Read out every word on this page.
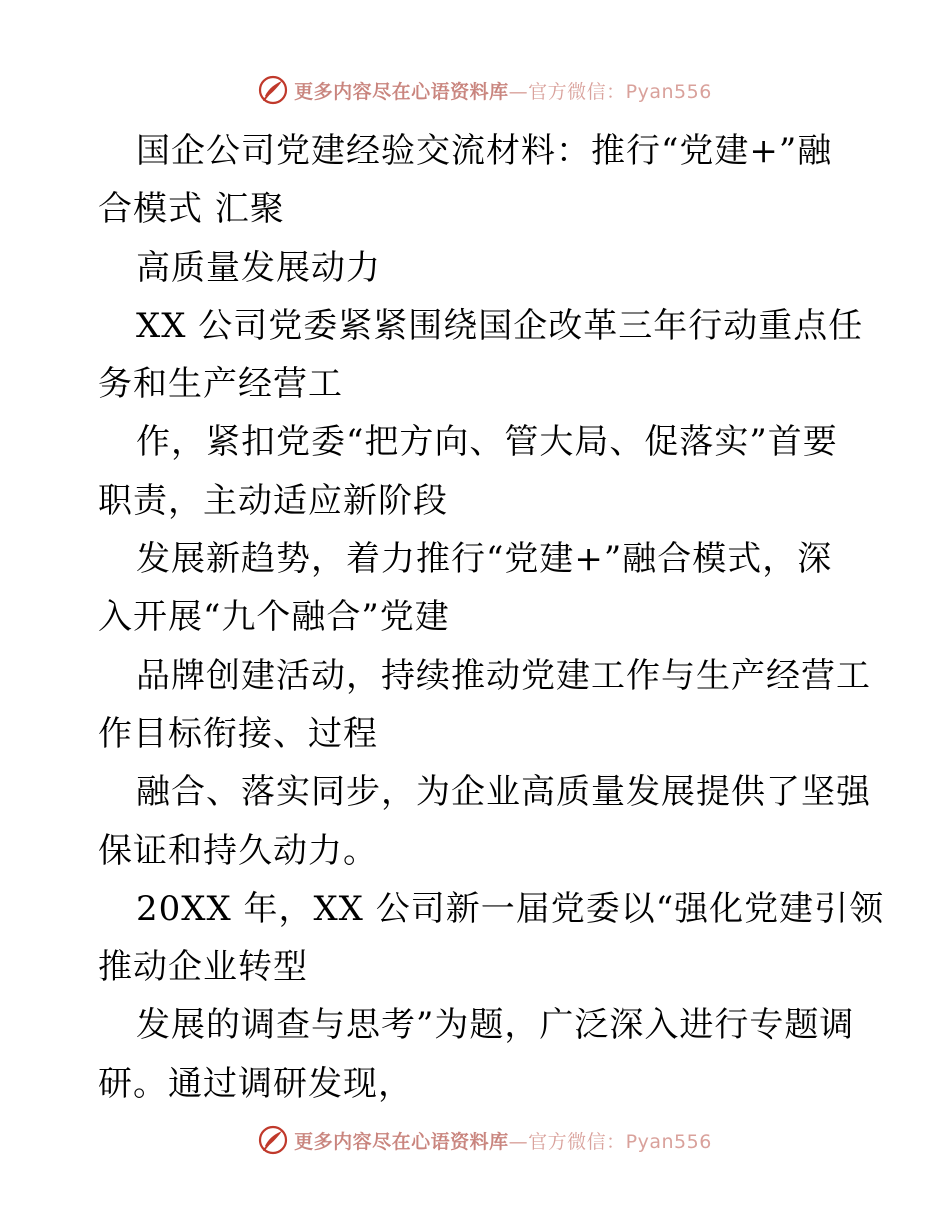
更多内容尽在心语资料库—官方微信：Pyan556
国企公司党建经验交流材料：推行“党建+”融
合模式 汇聚
高质量发展动力
XX 公司党委紧紧围绕国企改革三年行动重点任
务和生产经营工
作，紧扣党委“把方向、管大局、促落实”首要
职责，主动适应新阶段
发展新趋势，着力推行“党建+”融合模式，深
入开展“九个融合”党建
品牌创建活动，持续推动党建工作与生产经营工
作目标衔接、过程
融合、落实同步，为企业高质量发展提供了坚强
保证和持久动力。
20XX 年，XX 公司新一届党委以“强化党建引领
推动企业转型
发展的调查与思考”为题，广泛深入进行专题调
研。通过调研发现，
更多内容尽在心语资料库—官方微信：Pyan556
